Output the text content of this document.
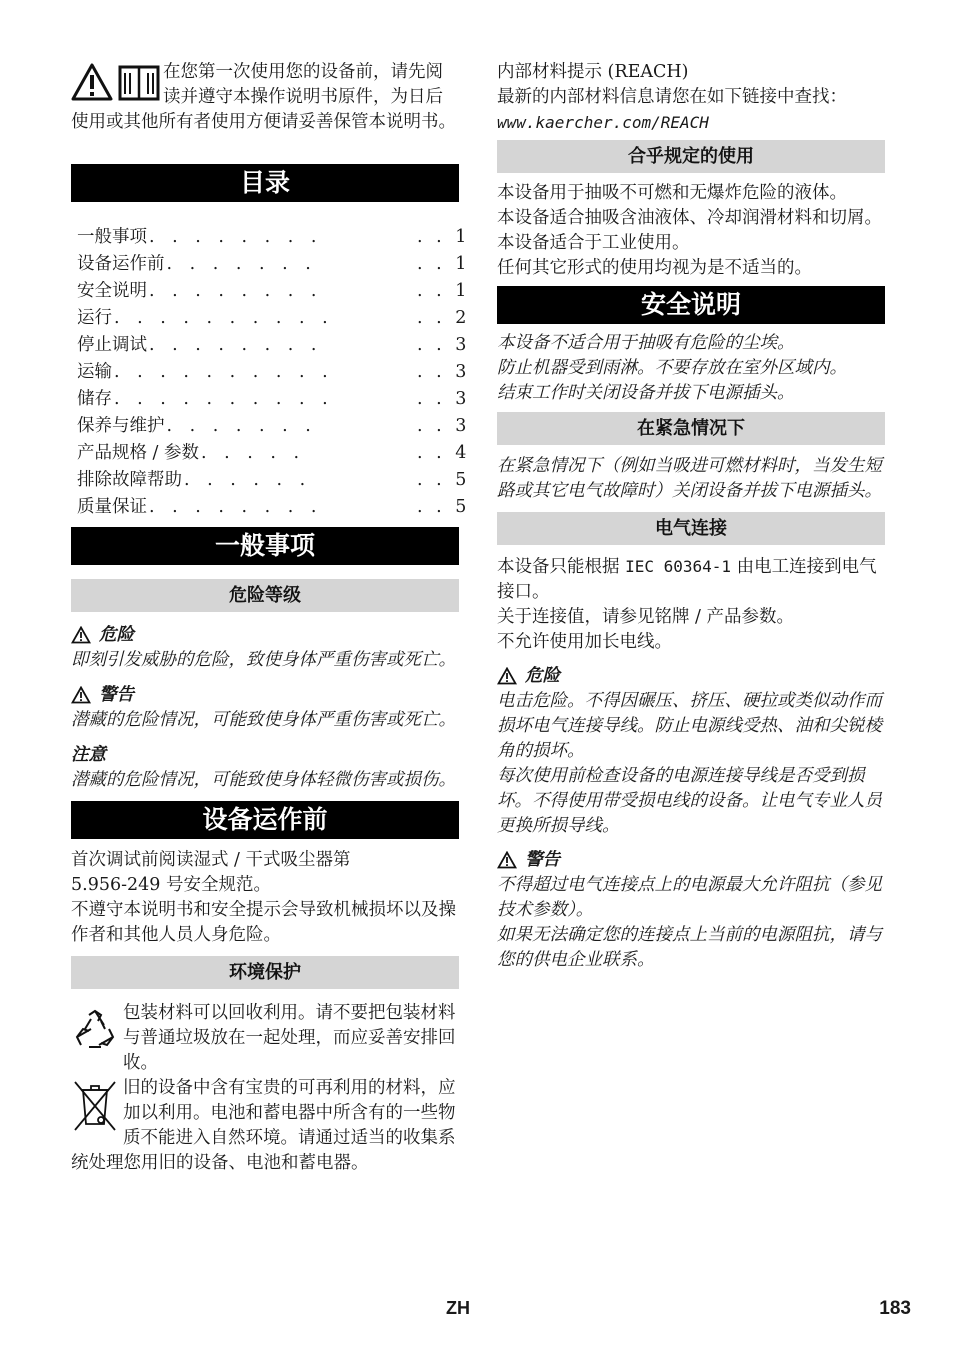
在您第一次使用您的设备前，请先阅读并遵守本操作说明书原件，为日后使用或其他所有者使用方便请妥善保管本说明书。

目录
一般事项 . . . . . . . .	. . 1
设备运作前 . . . . . . .	. . 1
安全说明 . . . . . . . .	. . 1
运行 . . . . . . . . . .	. . 2
停止调试 . . . . . . . .	. . 3
运输 . . . . . . . . . .	. . 3
储存 . . . . . . . . . .	. . 3
保养与维护 . . . . . . .	. . 3
产品规格 / 参数 . . . . .	. . 4
排除故障帮助 . . . . . .	. . 5
质量保证 . . . . . . . .	. . 5
一般事项
危险等级
危险

即刻引发威胁的危险，致使身体严重伤害或死亡。

警告

潜藏的危险情况，可能致使身体严重伤害或死亡。

注意

潜藏的危险情况，可能致使身体轻微伤害或损伤。

设备运作前

首次调试前阅读湿式 / 干式吸尘器第

5.956-249 号安全规范。

不遵守本说明书和安全提示会导致机械损坏以及操作者和其他人员人身危险。

环境保护

包装材料可以回收利用。请不要把包装材料与普通垃圾放在一起处理，而应妥善安排回收。

旧的设备中含有宝贵的可再利用的材料，应加以利用。电池和蓄电器中所含有的一些物质不能进入自然环境。请通过适当的收集系统处理您用旧的设备、电池和蓄电器。

内部材料提示 (REACH)

最新的内部材料信息请您在如下链接中查找：

www.kaercher.com/REACH

合乎规定的使用

本设备用于抽吸不可燃和无爆炸危险的液体。

本设备适合抽吸含油液体、冷却润滑材料和切屑。

本设备适合于工业使用。

任何其它形式的使用均视为是不适当的。

安全说明

本设备不适合用于抽吸有危险的尘埃。

防止机器受到雨淋。不要存放在室外区域内。

结束工作时关闭设备并拔下电源插头。

在紧急情况下

在紧急情况下（例如当吸进可燃材料时，当发生短路或其它电气故障时）关闭设备并拔下电源插头。

电气连接

本设备只能根据 IEC 60364-1 由电工连接到电气接口。

关于连接值，请参见铭牌 / 产品参数。

不允许使用加长电线。

危险

电击危险。不得因碾压、挤压、硬拉或类似动作而损坏电气连接导线。防止电源线受热、油和尖锐棱角的损坏。

每次使用前检查设备的电源连接导线是否受到损坏。不得使用带受损电线的设备。让电气专业人员更换所损导线。

警告

不得超过电气连接点上的电源最大允许阻抗（参见技术参数）。

如果无法确定您的连接点上当前的电源阻抗，请与您的供电企业联系。

ZH	183
